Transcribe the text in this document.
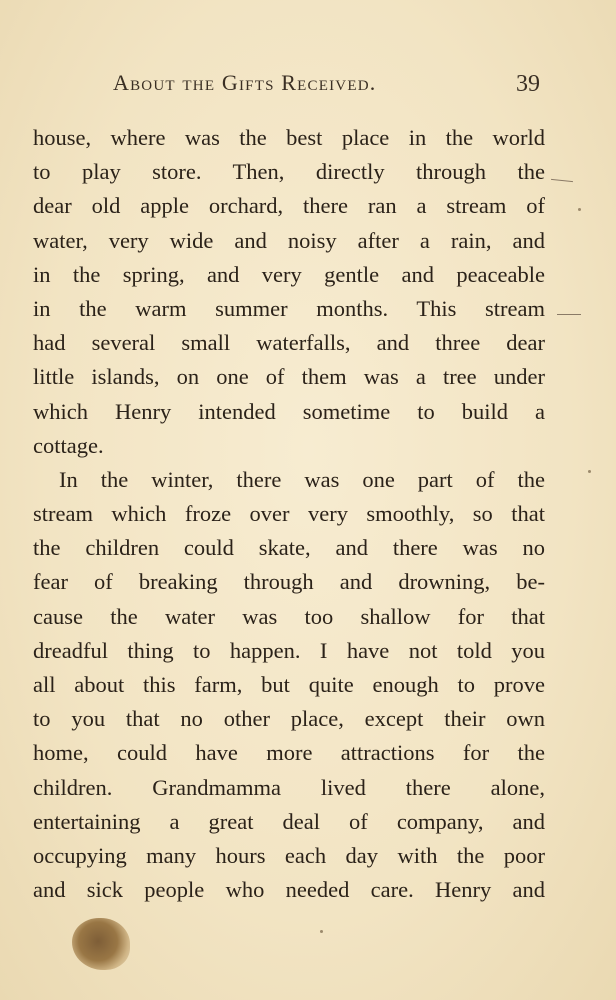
About the Gifts Received.	39
house, where was the best place in the world
to play store. Then, directly through the
dear old apple orchard, there ran a stream of
water, very wide and noisy after a rain, and
in the spring, and very gentle and peaceable
in the warm summer months. This stream
had several small waterfalls, and three dear
little islands, on one of them was a tree under
which Henry intended sometime to build a
cottage.
In the winter, there was one part of the
stream which froze over very smoothly, so that
the children could skate, and there was no
fear of breaking through and drowning, be-
cause the water was too shallow for that
dreadful thing to happen. I have not told you
all about this farm, but quite enough to prove
to you that no other place, except their own
home, could have more attractions for the
children. Grandmamma lived there alone,
entertaining a great deal of company, and
occupying many hours each day with the poor
and sick people who needed care. Henry and
